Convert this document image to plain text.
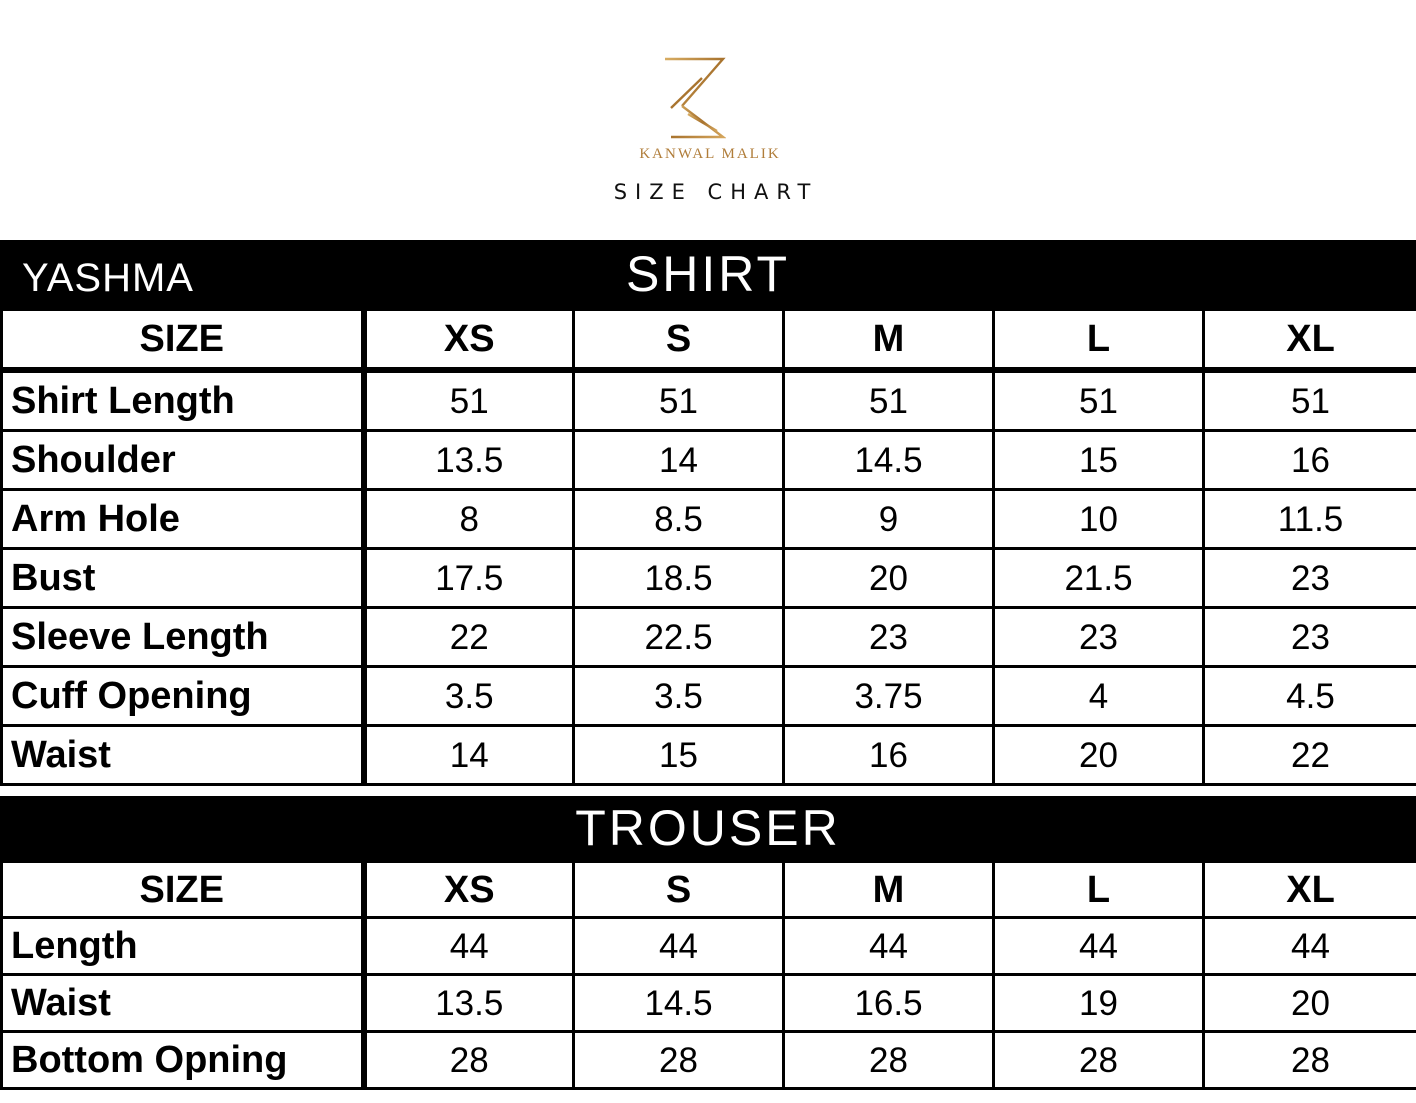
KANWAL MALIK
SIZE CHART
YASHMA	SHIRT
SIZE	XS	S	M	L	XL
Shirt Length	51	51	51	51	51
Shoulder	13.5	14	14.5	15	16
Arm Hole	8	8.5	9	10	11.5
Bust	17.5	18.5	20	21.5	23
Sleeve Length	22	22.5	23	23	23
Cuff Opening	3.5	3.5	3.75	4	4.5
Waist	14	15	16	20	22
TROUSER
SIZE	XS	S	M	L	XL
Length	44	44	44	44	44
Waist	13.5	14.5	16.5	19	20
Bottom Opning	28	28	28	28	28
